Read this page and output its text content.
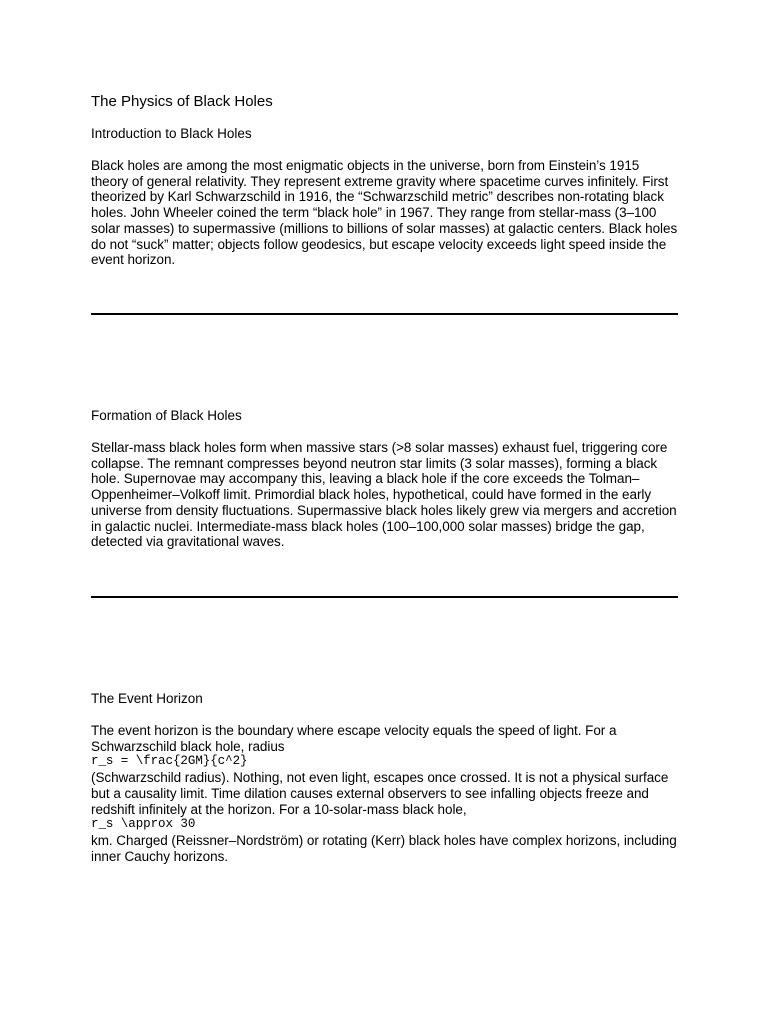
The Physics of Black Holes
Introduction to Black Holes

Black holes are among the most enigmatic objects in the universe, born from Einstein’s 1915 theory of general relativity. They represent extreme gravity where spacetime curves infinitely. First theorized by Karl Schwarzschild in 1916, the “Schwarzschild metric” describes non-rotating black holes. John Wheeler coined the term “black hole” in 1967. They range from stellar-mass (3–100 solar masses) to supermassive (millions to billions of solar masses) at galactic centers. Black holes do not “suck” matter; objects follow geodesics, but escape velocity exceeds light speed inside the event horizon.

Formation of Black Holes

Stellar-mass black holes form when massive stars (>8 solar masses) exhaust fuel, triggering core collapse. The remnant compresses beyond neutron star limits (3 solar masses), forming a black hole. Supernovae may accompany this, leaving a black hole if the core exceeds the Tolman–Oppenheimer–Volkoff limit. Primordial black holes, hypothetical, could have formed in the early universe from density fluctuations. Supermassive black holes likely grew via mergers and accretion in galactic nuclei. Intermediate-mass black holes (100–100,000 solar masses) bridge the gap, detected via gravitational waves.

The Event Horizon

The event horizon is the boundary where escape velocity equals the speed of light. For a Schwarzschild black hole, radius
r_s = \frac{2GM}{c^2}
(Schwarzschild radius). Nothing, not even light, escapes once crossed. It is not a physical surface but a causality limit. Time dilation causes external observers to see infalling objects freeze and redshift infinitely at the horizon. For a 10-solar-mass black hole,
r_s \approx 30
km. Charged (Reissner–Nordström) or rotating (Kerr) black holes have complex horizons, including inner Cauchy horizons.
